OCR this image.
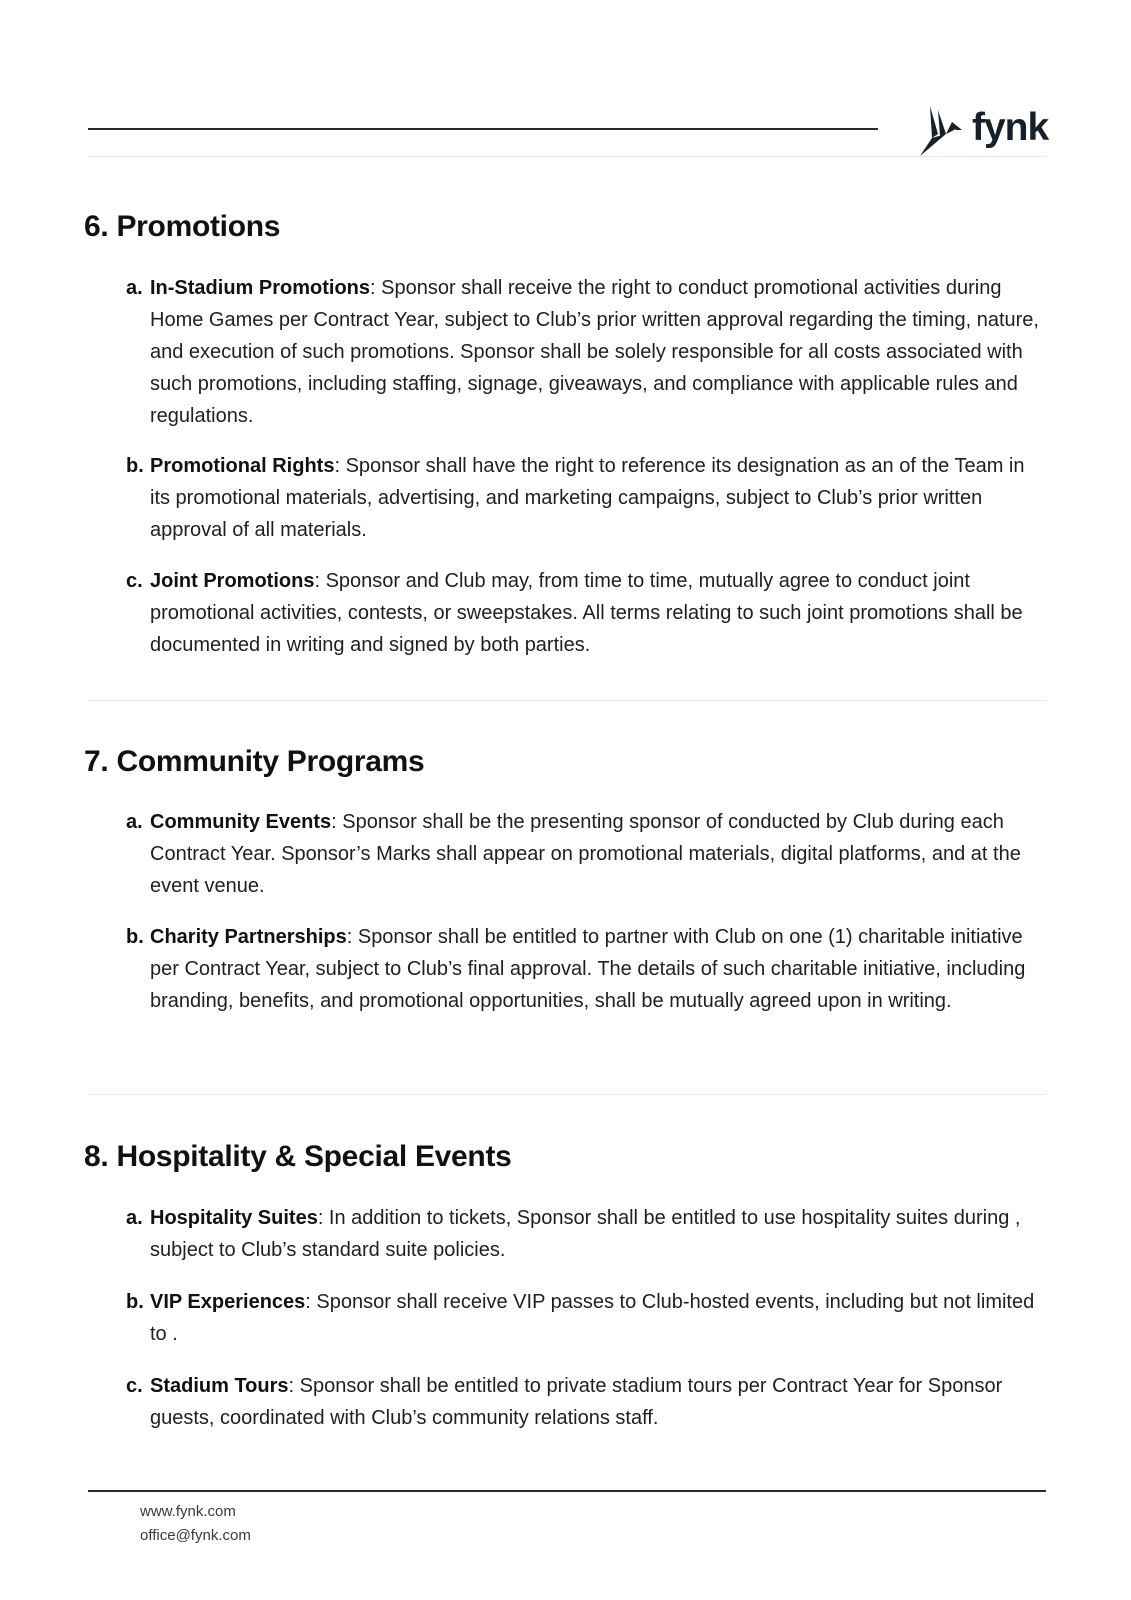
fynk
6. Promotions
a. In-Stadium Promotions: Sponsor shall receive the right to conduct promotional activities during Home Games per Contract Year, subject to Club’s prior written approval regarding the timing, nature, and execution of such promotions. Sponsor shall be solely responsible for all costs associated with such promotions, including staffing, signage, giveaways, and compliance with applicable rules and regulations.
b. Promotional Rights: Sponsor shall have the right to reference its designation as an of the Team in its promotional materials, advertising, and marketing campaigns, subject to Club’s prior written approval of all materials.
c. Joint Promotions: Sponsor and Club may, from time to time, mutually agree to conduct joint promotional activities, contests, or sweepstakes. All terms relating to such joint promotions shall be documented in writing and signed by both parties.
7. Community Programs
a. Community Events: Sponsor shall be the presenting sponsor of conducted by Club during each Contract Year. Sponsor’s Marks shall appear on promotional materials, digital platforms, and at the event venue.
b. Charity Partnerships: Sponsor shall be entitled to partner with Club on one (1) charitable initiative per Contract Year, subject to Club’s final approval. The details of such charitable initiative, including branding, benefits, and promotional opportunities, shall be mutually agreed upon in writing.
8. Hospitality & Special Events
a. Hospitality Suites: In addition to tickets, Sponsor shall be entitled to use hospitality suites during , subject to Club’s standard suite policies.
b. VIP Experiences: Sponsor shall receive VIP passes to Club-hosted events, including but not limited to .
c. Stadium Tours: Sponsor shall be entitled to private stadium tours per Contract Year for Sponsor guests, coordinated with Club’s community relations staff.
www.fynk.com
office@fynk.com
